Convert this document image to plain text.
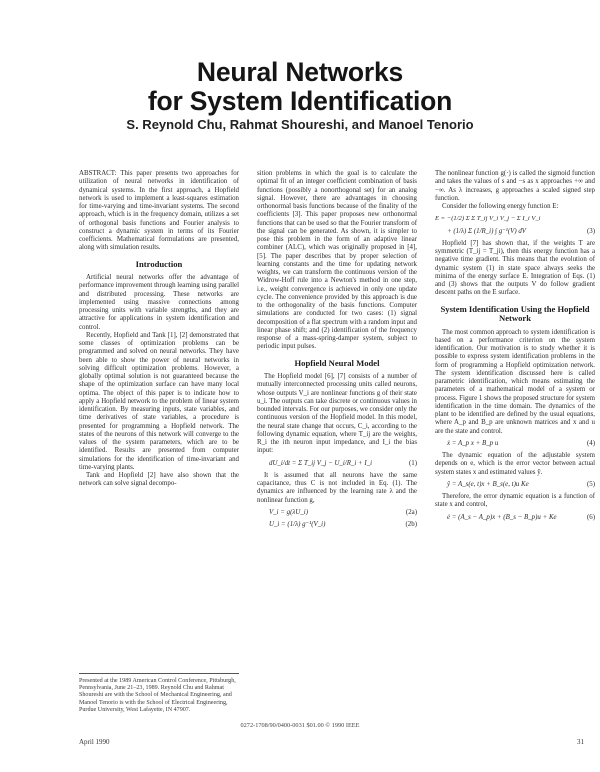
Neural Networks
for System Identification
S. Reynold Chu, Rahmat Shoureshi, and Manoel Tenorio

ABSTRACT: This paper presents two approaches for utilization of neural networks in identification of dynamical systems. In the first approach, a Hopfield network is used to implement a least-squares estimation for time-varying and time-invariant systems. The second approach, which is in the frequency domain, utilizes a set of orthogonal basis functions and Fourier analysis to construct a dynamic system in terms of its Fourier coefficients. Mathematical formulations are presented, along with simulation results.

Introduction

Artificial neural networks offer the advantage of performance improvement through learning using parallel and distributed processing. These networks are implemented using massive connections among processing units with variable strengths, and they are attractive for applications in system identification and control.

Recently, Hopfield and Tank [1], [2] demonstrated that some classes of optimization problems can be programmed and solved on neural networks. They have been able to show the power of neural networks in solving difficult optimization problems. However, a globally optimal solution is not guaranteed because the shape of the optimization surface can have many local optima. The object of this paper is to indicate how to apply a Hopfield network to the problem of linear system identification. By measuring inputs, state variables, and time derivatives of state variables, a procedure is presented for programming a Hopfield network. The states of the neurons of this network will converge to the values of the system parameters, which are to be identified. Results are presented from computer simulations for the identification of time-invariant and time-varying plants.

Tank and Hopfield [2] have also shown that the network can solve signal decompo-

Presented at the 1989 American Control Conference, Pittsburgh, Pennsylvania, June 21–23, 1989. Reynold Chu and Rahmat Shoureshi are with the School of Mechanical Engineering, and Manoel Tenorio is with the School of Electrical Engineering, Purdue University, West Lafayette, IN 47907.

sition problems in which the goal is to calculate the optimal fit of an integer coefficient combination of basis functions (possibly a nonorthogonal set) for an analog signal. However, there are advantages in choosing orthonormal basis functions because of the finality of the coefficients [3]. This paper proposes new orthonormal functions that can be used so that the Fourier transform of the signal can be generated. As shown, it is simpler to pose this problem in the form of an adaptive linear combiner (ALC), which was originally proposed in [4], [5]. The paper describes that by proper selection of learning constants and the time for updating network weights, we can transform the continuous version of the Widrow-Hoff rule into a Newton's method in one step, i.e., weight convergence is achieved in only one update cycle. The convenience provided by this approach is due to the orthogonality of the basis functions. Computer simulations are conducted for two cases: (1) signal decomposition of a flat spectrum with a random input and linear phase shift; and (2) identification of the frequency response of a mass-spring-damper system, subject to periodic input pulses.

Hopfield Neural Model

The Hopfield model [6], [7] consists of a number of mutually interconnected processing units called neurons, whose outputs V_i are nonlinear functions g of their state u_i. The outputs can take discrete or continuous values in bounded intervals. For our purposes, we consider only the continuous version of the Hopfield model. In this model, the neural state change that occurs, C_i, according to the following dynamic equation, where T_ij are the weights, R_i the ith neuron input impedance, and I_i the bias input:

dU_i/dt = Σ T_ij V_j − U_i/R_i + I_i	(1)

It is assumed that all neurons have the same capacitance, thus C is not included in Eq. (1). The dynamics are influenced by the learning rate λ and the nonlinear function g,

V_i = g(λU_i)	(2a)
U_i = (1/λ) g⁻¹(V_i)	(2b)

The nonlinear function g(·) is called the sigmoid function and takes the values of s and −s as x approaches +∞ and −∞. As λ increases, g approaches a scaled signed step function.

Consider the following energy function E:

E = −(1/2) Σ Σ T_ij V_i V_j − Σ I_i V_i
+ (1/λ) Σ (1/R_i) ∫ g⁻¹(V) dV	(3)

Hopfield [7] has shown that, if the weights T are symmetric (T_ij = T_ji), then this energy function has a negative time gradient. This means that the evolution of dynamic system (1) in state space always seeks the minima of the energy surface E. Integration of Eqs. (1) and (3) shows that the outputs V do follow gradient descent paths on the E surface.

System Identification Using the Hopfield Network

The most common approach to system identification is based on a performance criterion on the system identification. Our motivation is to study whether it is possible to express system identification problems in the form of programming a Hopfield optimization network. The system identification discussed here is called parametric identification, which means estimating the parameters of a mathematical model of a system or process. Figure 1 shows the proposed structure for system identification in the time domain. The dynamics of the plant to be identified are defined by the usual equations, where A_p and B_p are unknown matrices and x and u are the state and control.

ẋ = A_p x + B_p u	(4)

The dynamic equation of the adjustable system depends on e, which is the error vector between actual system states x and estimated values ŷ.

ŷ = A_s(e, t)x + B_s(e, t)u Ke	(5)

Therefore, the error dynamic equation is a function of state x and control,

ė = (A_s − A_p)x + (B_s − B_p)u + Ke	(6)
0272-1708/90/0400-0031 $01.00 © 1990 IEEE
April 1990	31
